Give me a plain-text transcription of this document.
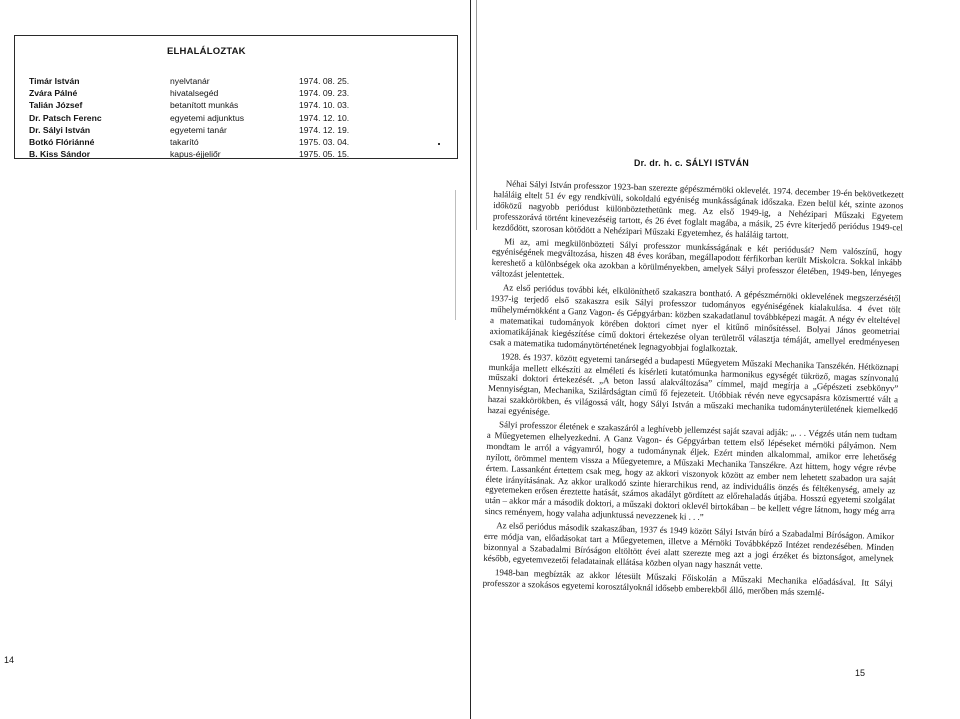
ELHALÁLOZTAK
Timár István	nyelvtanár	1974. 08. 25.
Zvára Pálné	hivatalsegéd	1974. 09. 23.
Talián József	betanított munkás	1974. 10. 03.
Dr. Patsch Ferenc	egyetemi adjunktus	1974. 12. 10.
Dr. Sályi István	egyetemi tanár	1974. 12. 19.
Botkó Flóriánné	takarító	1975. 03. 04.
B. Kiss Sándor	kapus-éjjeliőr	1975. 05. 15.
14
Dr. dr. h. c. SÁLYI ISTVÁN

Néhai Sályi István professzor 1923-ban szerezte gépészmérnöki oklevelét. 1974. december 19-én bekövetkezett haláláig eltelt 51 év egy rendkívüli, sokoldalú egyéniség munkásságának időszaka. Ezen belül két, szinte azonos időközű nagyobb periódust különböztethetünk meg. Az első 1949-ig, a Nehézipari Műszaki Egyetem professzorává történt kinevezéséig tartott, és 26 évet foglalt magába, a másik, 25 évre kiterjedő periódus 1949-cel kezdődött, szorosan kötődött a Nehézipari Műszaki Egyetemhez, és haláláig tartott.

Mi az, ami megkülönbözteti Sályi professzor munkásságának e két periódusát? Nem valószínű, hogy egyéniségének megváltozása, hiszen 48 éves korában, megállapodott férfikorban került Miskolcra. Sokkal inkább kereshető a különbségek oka azokban a körülményekben, amelyek Sályi professzor életében, 1949-ben, lényeges változást jelentettek.

Az első periódus további két, elkülöníthető szakaszra bontható. A gépészmérnöki oklevelének megszerzésétől 1937-ig terjedő első szakaszra esik Sályi professzor tudományos egyéniségének kialakulása. 4 évet tölt műhelymérnökként a Ganz Vagon- és Gépgyárban: közben szakadatlanul továbbképezi magát. A négy év elteltével a matematikai tudományok körében doktori címet nyer el kitűnő minősítéssel. Bolyai János geometriai axiomatikájának kiegészítése című doktori értekezése olyan területről választja témáját, amellyel eredményesen csak a matematika tudománytörténetének legnagyobbjai foglalkoztak.

1928. és 1937. között egyetemi tanársegéd a budapesti Műegyetem Műszaki Mechanika Tanszékén. Hétköznapi munkája mellett elkészíti az elméleti és kísérleti kutatómunka harmonikus egységét tükröző, magas színvonalú műszaki doktori értekezését. „A beton lassú alakváltozása” címmel, majd megírja a „Gépészeti zsebkönyv” Mennyiségtan, Mechanika, Szilárdságtan című fő fejezeteit. Utóbbiak révén neve egycsapásra közismertté vált a hazai szakkörökben, és világossá vált, hogy Sályi István a műszaki mechanika tudományterületének kiemelkedő hazai egyénisége.

Sályi professzor életének e szakaszáról a leghívebb jellemzést saját szavai adják: „. . . Végzés után nem tudtam a Műegyetemen elhelyezkedni. A Ganz Vagon- és Gépgyárban tettem első lépéseket mérnöki pályámon. Nem mondtam le arról a vágyamról, hogy a tudománynak éljek. Ezért minden alkalommal, amikor erre lehetőség nyílott, örömmel mentem vissza a Műegyetemre, a Műszaki Mechanika Tanszékre. Azt hittem, hogy végre révbe értem. Lassanként értettem csak meg, hogy az akkori viszonyok között az ember nem lehetett szabadon ura saját élete irányításának. Az akkor uralkodó szinte hierarchikus rend, az individuális önzés és féltékenység, amely az egyetemeken erősen éreztette hatását, számos akadályt gördített az előrehaladás útjába. Hosszú egyetemi szolgálat után – akkor már a második doktori, a műszaki doktori oklevél birtokában – be kellett végre látnom, hogy még arra sincs reményem, hogy valaha adjunktussá nevezzenek ki . . .”

Az első periódus második szakaszában, 1937 és 1949 között Sályi István bíró a Szabadalmi Bíróságon. Amikor erre módja van, előadásokat tart a Műegyetemen, illetve a Mérnöki Továbbképző Intézet rendezésében. Minden bizonnyal a Szabadalmi Bíróságon eltöltött évei alatt szerezte meg azt a jogi érzéket és biztonságot, amelynek később, egyetemvezetői feladatainak ellátása közben olyan nagy hasznát vette.

1948-ban megbízták az akkor létesült Műszaki Főiskolán a Műszaki Mechanika előadásával. Itt Sályi professzor a szokásos egyetemi korosztályoknál idősebb emberekből álló, merőben más szemlé-

15
